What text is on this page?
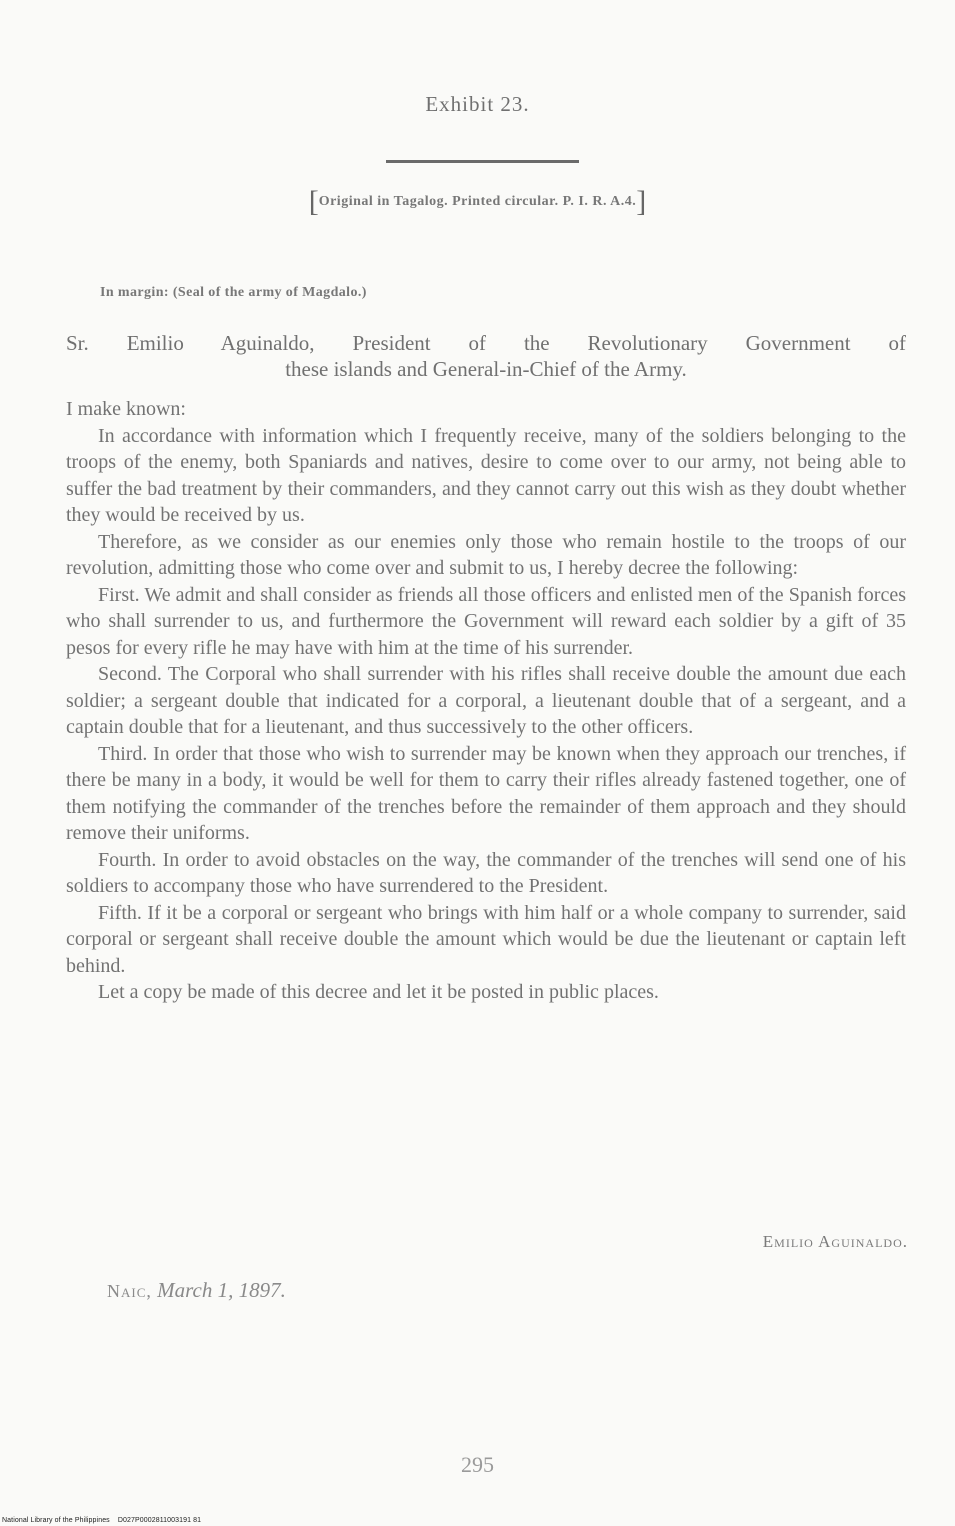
Exhibit 23.
[Original in Tagalog. Printed circular. P. I. R. A.4.]
In margin: (Seal of the army of Magdalo.)
Sr. Emilio Aguinaldo, President of the Revolutionary Government of
these islands and General-in-Chief of the Army.

I make known:

In accordance with information which I frequently receive, many of the soldiers belonging to the troops of the enemy, both Spaniards and natives, desire to come over to our army, not being able to suffer the bad treatment by their commanders, and they cannot carry out this wish as they doubt whether they would be received by us.

Therefore, as we consider as our enemies only those who remain hostile to the troops of our revolution, admitting those who come over and submit to us, I hereby decree the following:

First. We admit and shall consider as friends all those officers and enlisted men of the Spanish forces who shall surrender to us, and furthermore the Government will reward each soldier by a gift of 35 pesos for every rifle he may have with him at the time of his surrender.

Second. The Corporal who shall surrender with his rifles shall receive double the amount due each soldier; a sergeant double that indicated for a corporal, a lieutenant double that of a sergeant, and a captain double that for a lieutenant, and thus successively to the other officers.

Third. In order that those who wish to surrender may be known when they approach our trenches, if there be many in a body, it would be well for them to carry their rifles already fastened together, one of them notifying the commander of the trenches before the remainder of them approach and they should remove their uniforms.

Fourth. In order to avoid obstacles on the way, the commander of the trenches will send one of his soldiers to accompany those who have surrendered to the President.

Fifth. If it be a corporal or sergeant who brings with him half or a whole company to surrender, said corporal or sergeant shall receive double the amount which would be due the lieutenant or captain left behind.

Let a copy be made of this decree and let it be posted in public places.

Emilio Aguinaldo.
Naic, March 1, 1897.
295
National Library of the Philippines D027P0002811003191 81
